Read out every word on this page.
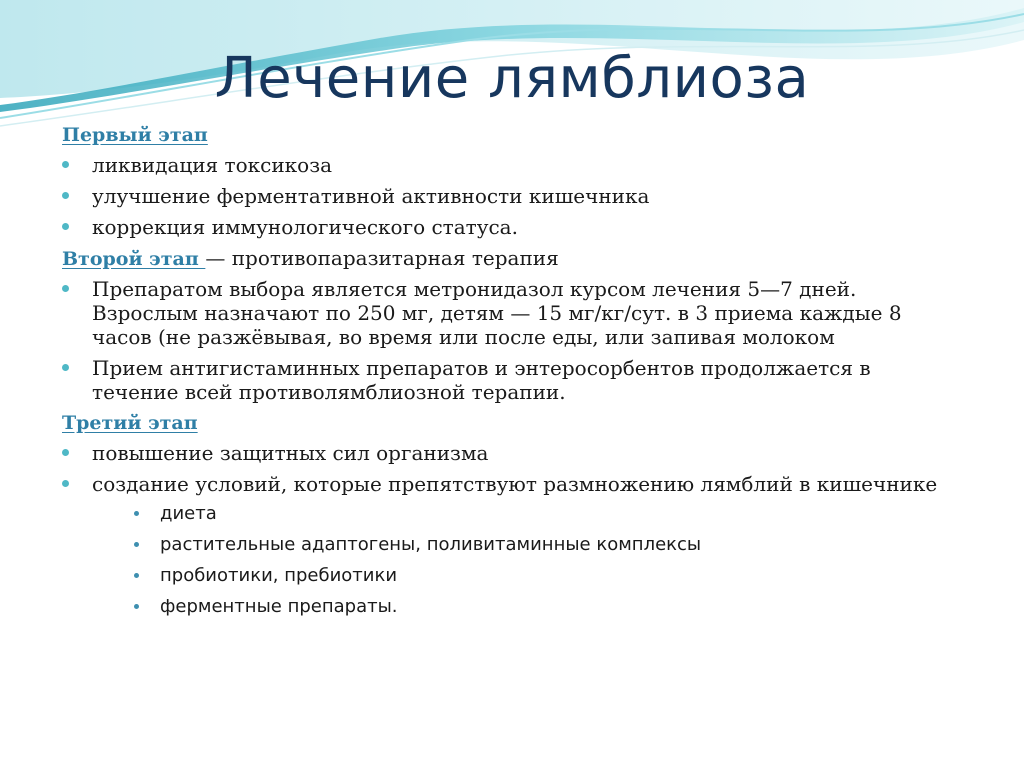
Лечение лямблиоза
Первый этап
ликвидация токсикоза
улучшение ферментативной активности кишечника
коррекция иммунологического статуса.
Второй этап — противопаразитарная терапия
Препаратом выбора является метронидазол курсом лечения 5—7 дней. Взрослым назначают по 250 мг, детям — 15 мг/кг/сут. в 3 приема каждые 8 часов (не разжёвывая, во время или после еды, или запивая молоком
Прием антигистаминных препаратов и энтеросорбентов продолжается в течение всей противолямблиозной терапии.
Третий этап
повышение защитных сил организма
создание условий, которые препятствуют размножению лямблий в кишечнике
диета
растительные адаптогены, поливитаминные комплексы
пробиотики, пребиотики
ферментные препараты.
